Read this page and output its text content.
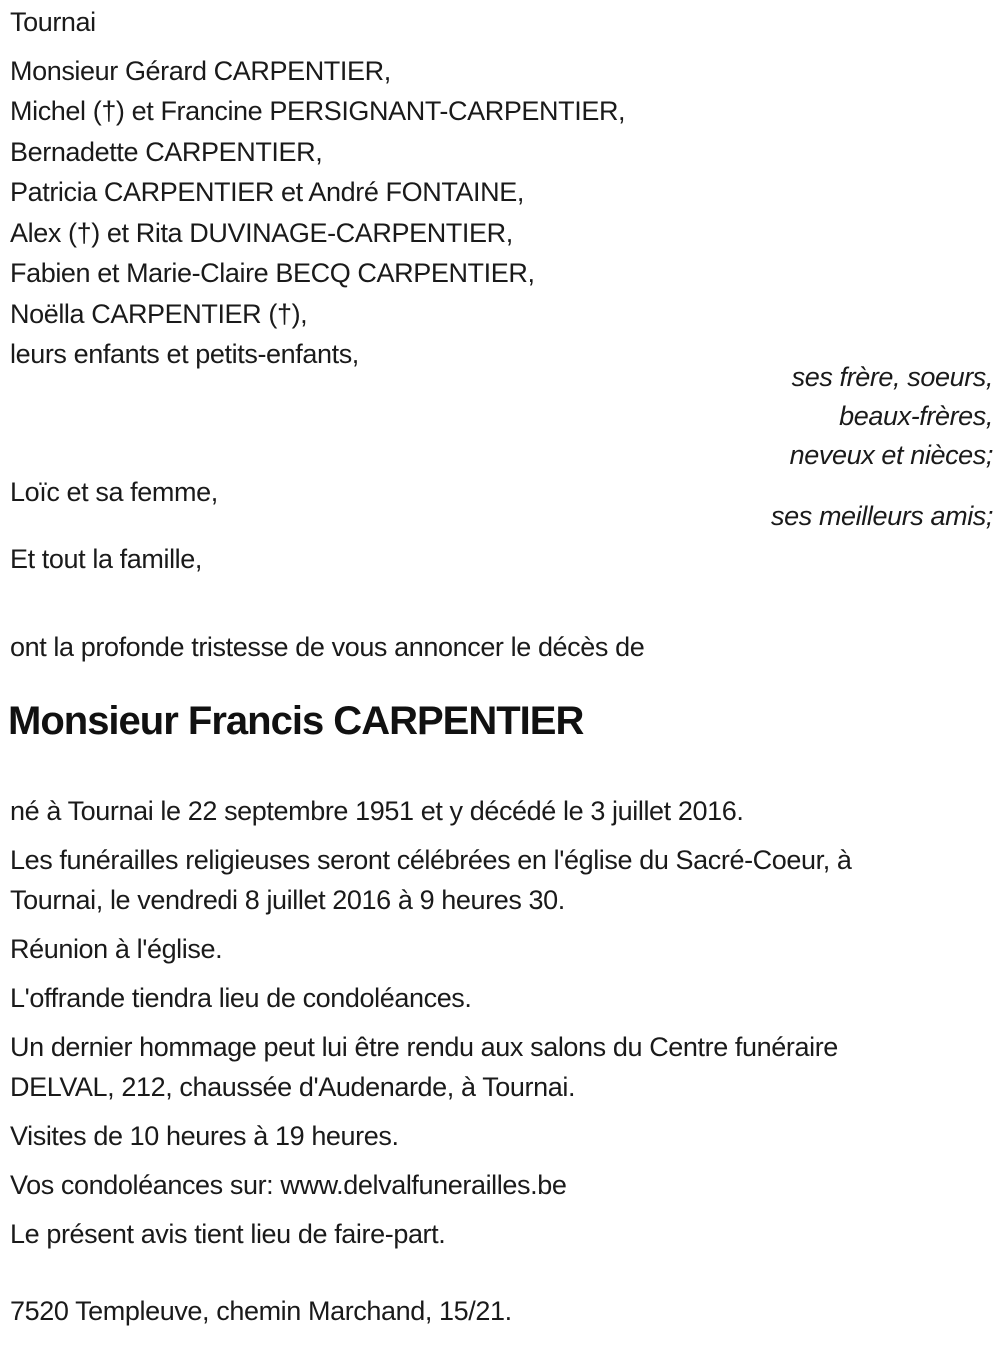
Tournai
Monsieur Gérard CARPENTIER,
Michel (†) et Francine PERSIGNANT-CARPENTIER,
Bernadette CARPENTIER,
Patricia CARPENTIER et André FONTAINE,
Alex (†) et Rita DUVINAGE-CARPENTIER,
Fabien et Marie-Claire BECQ CARPENTIER,
Noëlla CARPENTIER (†),
leurs enfants et petits-enfants,
ses frère, soeurs,
beaux-frères,
neveux et nièces;
Loïc et sa femme,
ses meilleurs amis;
Et tout la famille,
ont la profonde tristesse de vous annoncer le décès de
Monsieur Francis CARPENTIER
né à Tournai le 22 septembre 1951 et y décédé le 3 juillet 2016.
Les funérailles religieuses seront célébrées en l'église du Sacré-Coeur, à
Tournai, le vendredi 8 juillet 2016 à 9 heures 30.
Réunion à l'église.
L'offrande tiendra lieu de condoléances.
Un dernier hommage peut lui être rendu aux salons du Centre funéraire
DELVAL, 212, chaussée d'Audenarde, à Tournai.
Visites de 10 heures à 19 heures.
Vos condoléances sur: www.delvalfunerailles.be
Le présent avis tient lieu de faire-part.
7520 Templeuve, chemin Marchand, 15/21.
